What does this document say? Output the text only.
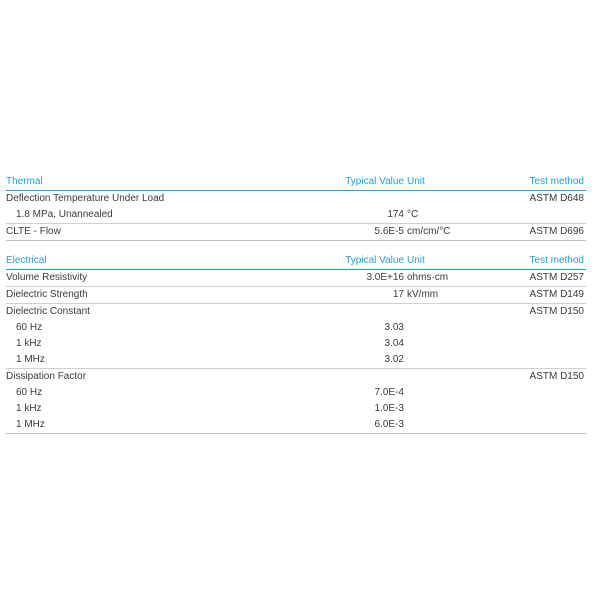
Thermal	Typical Value Unit	Test method
Deflection Temperature Under Load	ASTM D648
1.8 MPa, Unannealed	174 °C
CLTE - Flow	5.6E-5 cm/cm/°C	ASTM D696
Electrical	Typical Value Unit	Test method
Volume Resistivity	3.0E+16 ohms·cm	ASTM D257
Dielectric Strength	17 kV/mm	ASTM D149
Dielectric Constant	ASTM D150
60 Hz	3.03
1 kHz	3.04
1 MHz	3.02
Dissipation Factor	ASTM D150
60 Hz	7.0E-4
1 kHz	1.0E-3
1 MHz	6.0E-3
